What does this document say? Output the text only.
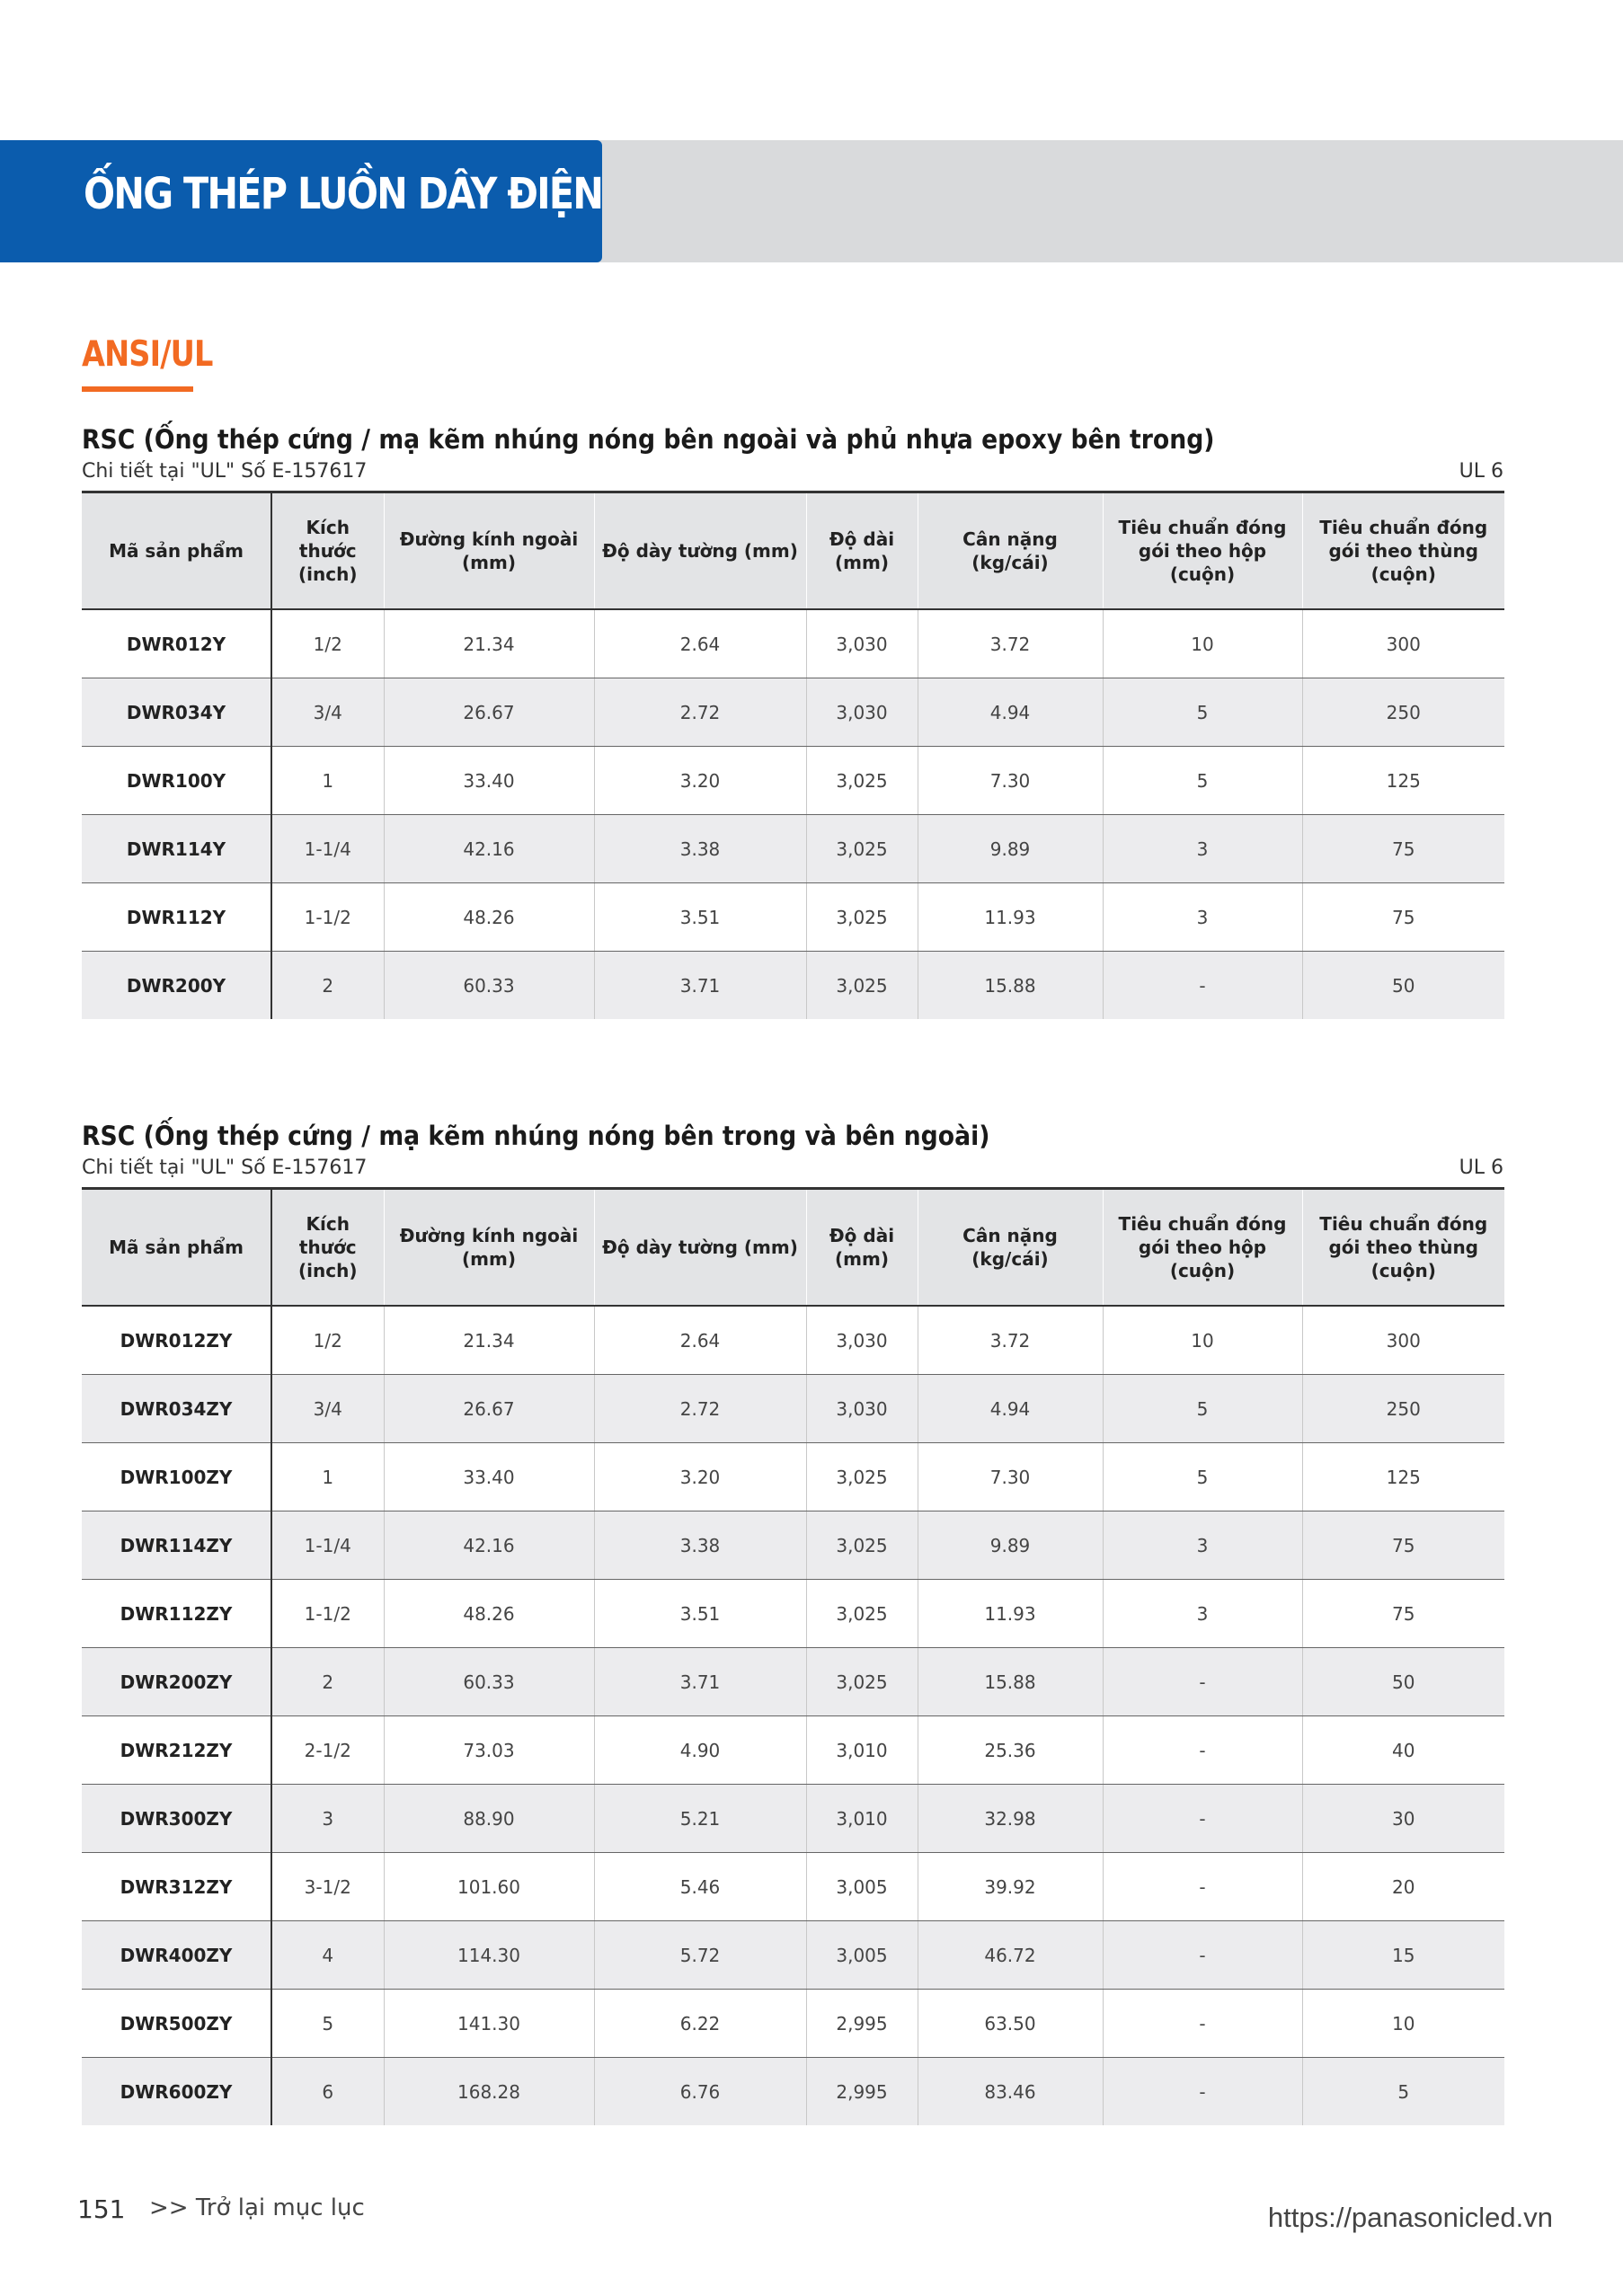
ỐNG THÉP LUỒN DÂY ĐIỆN
ANSI/UL
RSC (Ống thép cứng / mạ kẽm nhúng nóng bên ngoài và phủ nhựa epoxy bên trong)
Chi tiết tại "UL" Số E-157617	UL 6
Mã sản phẩm	Kích thước (inch)	Đường kính ngoài (mm)	Độ dày tường (mm)	Độ dài (mm)	Cân nặng (kg/cái)	Tiêu chuẩn đóng gói theo hộp (cuộn)	Tiêu chuẩn đóng gói theo thùng (cuộn)
DWR012Y	1/2	21.34	2.64	3,030	3.72	10	300
DWR034Y	3/4	26.67	2.72	3,030	4.94	5	250
DWR100Y	1	33.40	3.20	3,025	7.30	5	125
DWR114Y	1-1/4	42.16	3.38	3,025	9.89	3	75
DWR112Y	1-1/2	48.26	3.51	3,025	11.93	3	75
DWR200Y	2	60.33	3.71	3,025	15.88	-	50
RSC (Ống thép cứng / mạ kẽm nhúng nóng bên trong và bên ngoài)
Chi tiết tại "UL" Số E-157617	UL 6
Mã sản phẩm	Kích thước (inch)	Đường kính ngoài (mm)	Độ dày tường (mm)	Độ dài (mm)	Cân nặng (kg/cái)	Tiêu chuẩn đóng gói theo hộp (cuộn)	Tiêu chuẩn đóng gói theo thùng (cuộn)
DWR012ZY	1/2	21.34	2.64	3,030	3.72	10	300
DWR034ZY	3/4	26.67	2.72	3,030	4.94	5	250
DWR100ZY	1	33.40	3.20	3,025	7.30	5	125
DWR114ZY	1-1/4	42.16	3.38	3,025	9.89	3	75
DWR112ZY	1-1/2	48.26	3.51	3,025	11.93	3	75
DWR200ZY	2	60.33	3.71	3,025	15.88	-	50
DWR212ZY	2-1/2	73.03	4.90	3,010	25.36	-	40
DWR300ZY	3	88.90	5.21	3,010	32.98	-	30
DWR312ZY	3-1/2	101.60	5.46	3,005	39.92	-	20
DWR400ZY	4	114.30	5.72	3,005	46.72	-	15
DWR500ZY	5	141.30	6.22	2,995	63.50	-	10
DWR600ZY	6	168.28	6.76	2,995	83.46	-	5
151 >> Trở lại mục lục	https://panasonicled.vn
